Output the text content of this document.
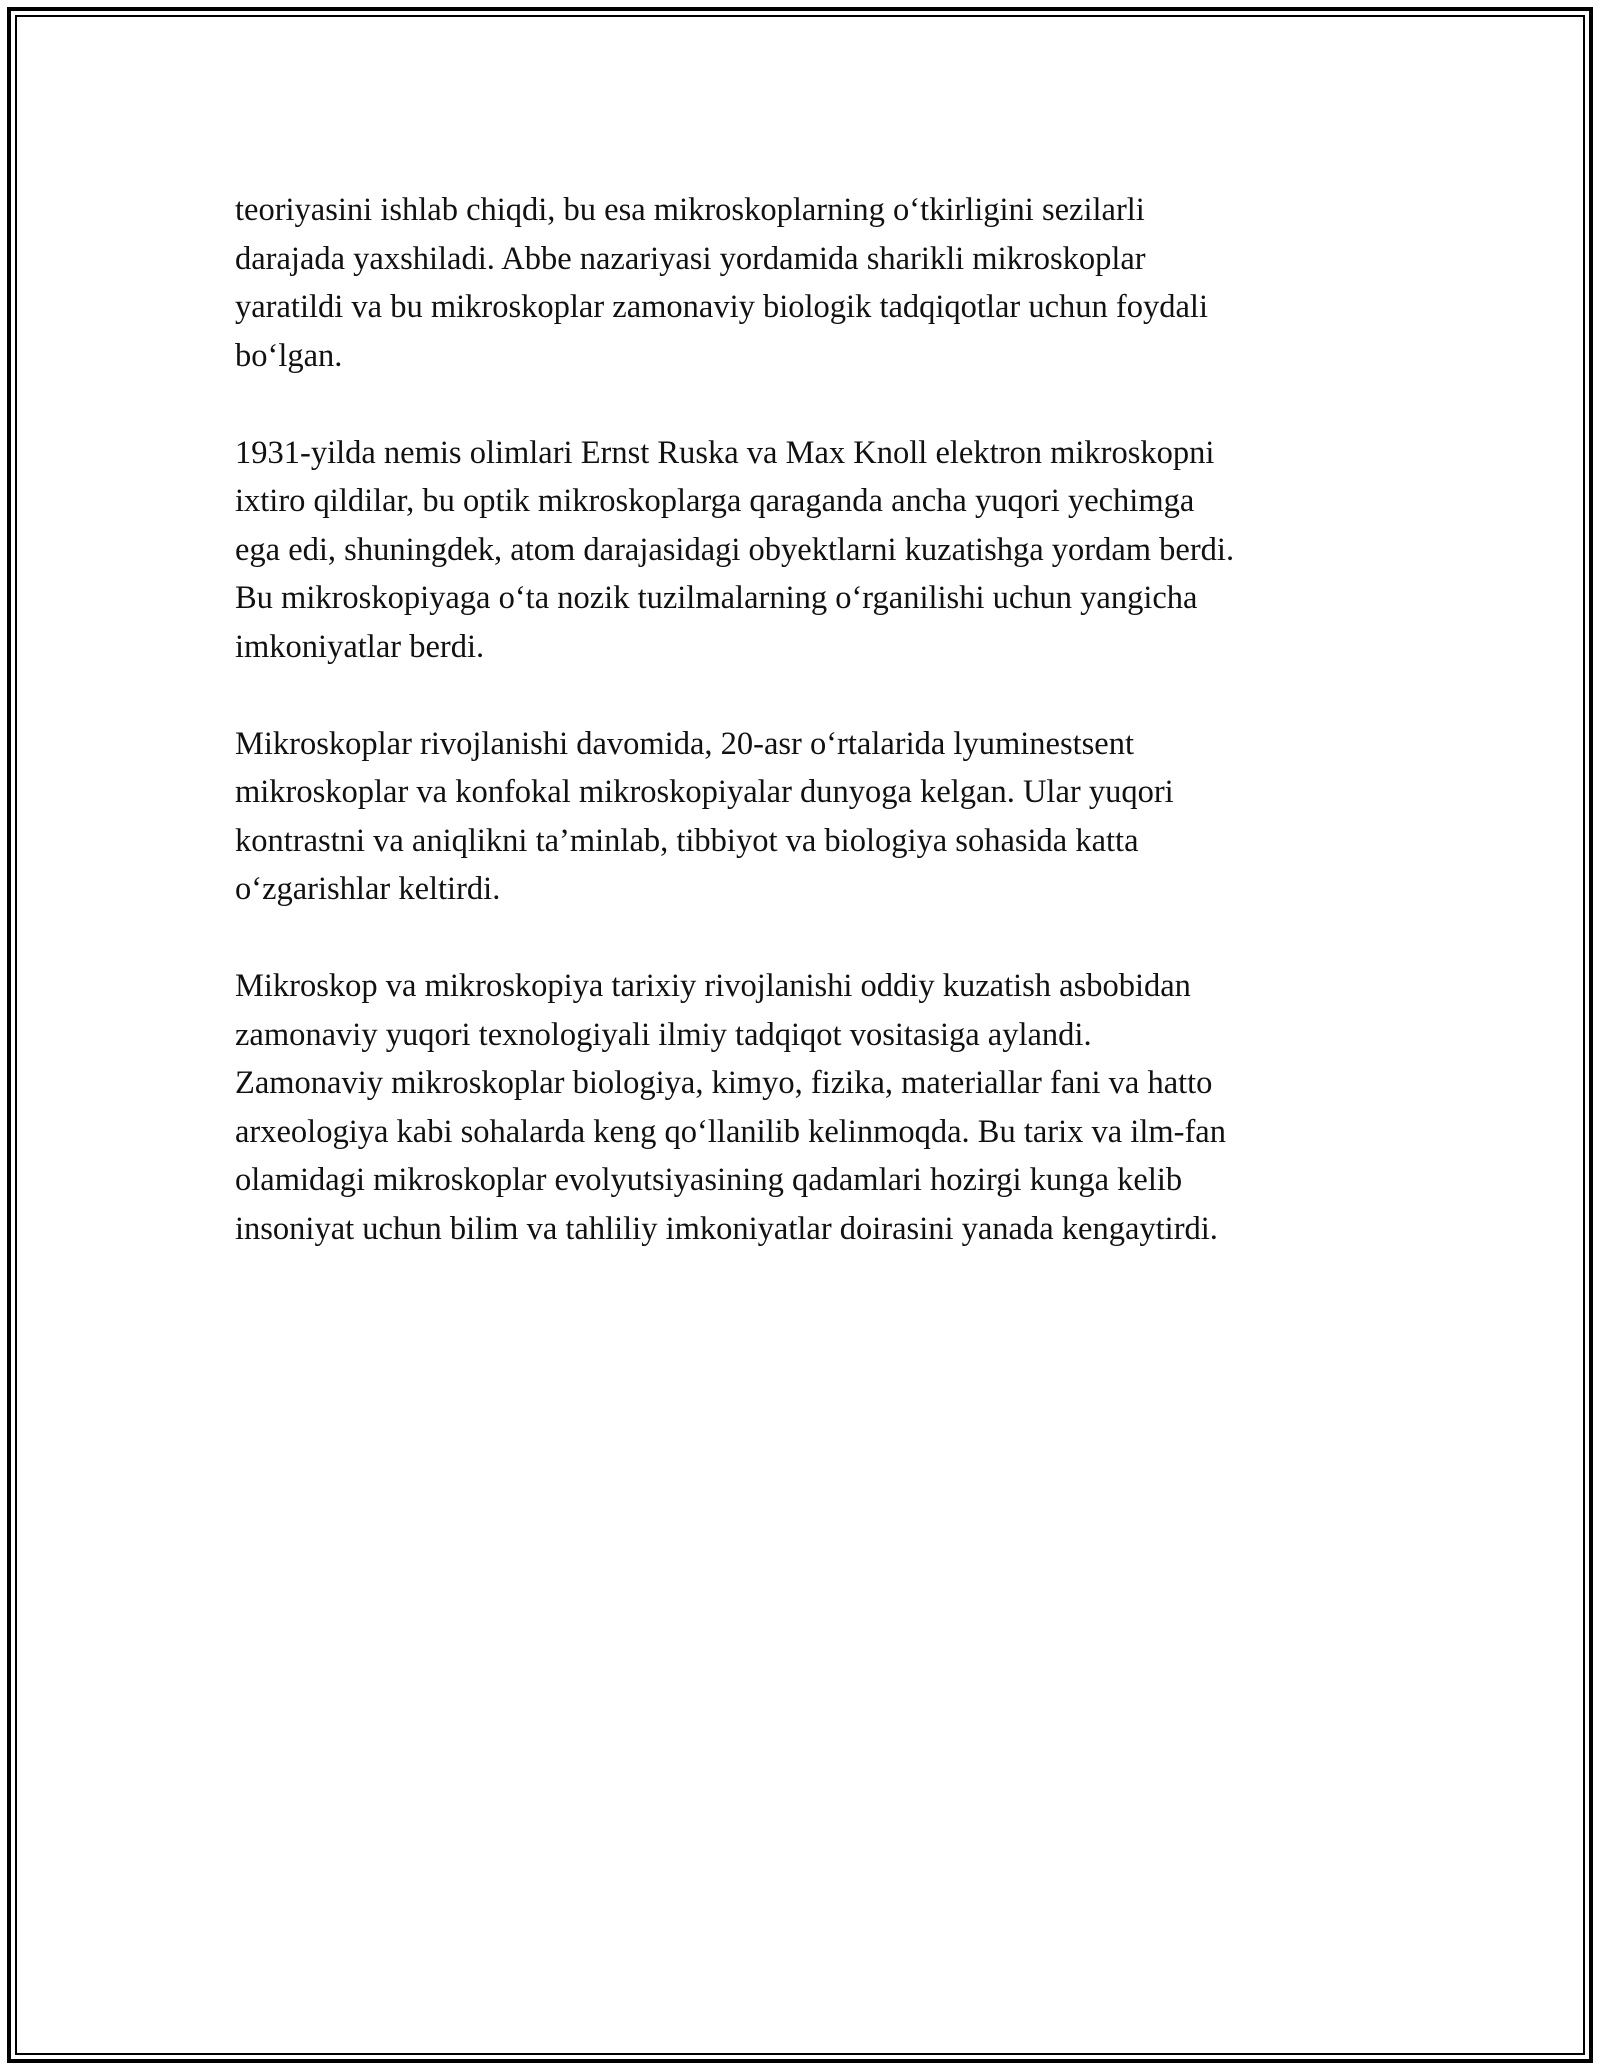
teoriyasini ishlab chiqdi, bu esa mikroskoplarning o‘tkirligini sezilarli
darajada yaxshiladi. Abbe nazariyasi yordamida sharikli mikroskoplar
yaratildi va bu mikroskoplar zamonaviy biologik tadqiqotlar uchun foydali
bo‘lgan.

1931-yilda nemis olimlari Ernst Ruska va Max Knoll elektron mikroskopni
ixtiro qildilar, bu optik mikroskoplarga qaraganda ancha yuqori yechimga
ega edi, shuningdek, atom darajasidagi obyektlarni kuzatishga yordam berdi.
Bu mikroskopiyaga o‘ta nozik tuzilmalarning o‘rganilishi uchun yangicha
imkoniyatlar berdi.

Mikroskoplar rivojlanishi davomida, 20-asr o‘rtalarida lyuminestsent
mikroskoplar va konfokal mikroskopiyalar dunyoga kelgan. Ular yuqori
kontrastni va aniqlikni ta’minlab, tibbiyot va biologiya sohasida katta
o‘zgarishlar keltirdi.

Mikroskop va mikroskopiya tarixiy rivojlanishi oddiy kuzatish asbobidan
zamonaviy yuqori texnologiyali ilmiy tadqiqot vositasiga aylandi.
Zamonaviy mikroskoplar biologiya, kimyo, fizika, materiallar fani va hatto
arxeologiya kabi sohalarda keng qo‘llanilib kelinmoqda. Bu tarix va ilm-fan
olamidagi mikroskoplar evolyutsiyasining qadamlari hozirgi kunga kelib
insoniyat uchun bilim va tahliliy imkoniyatlar doirasini yanada kengaytirdi.
